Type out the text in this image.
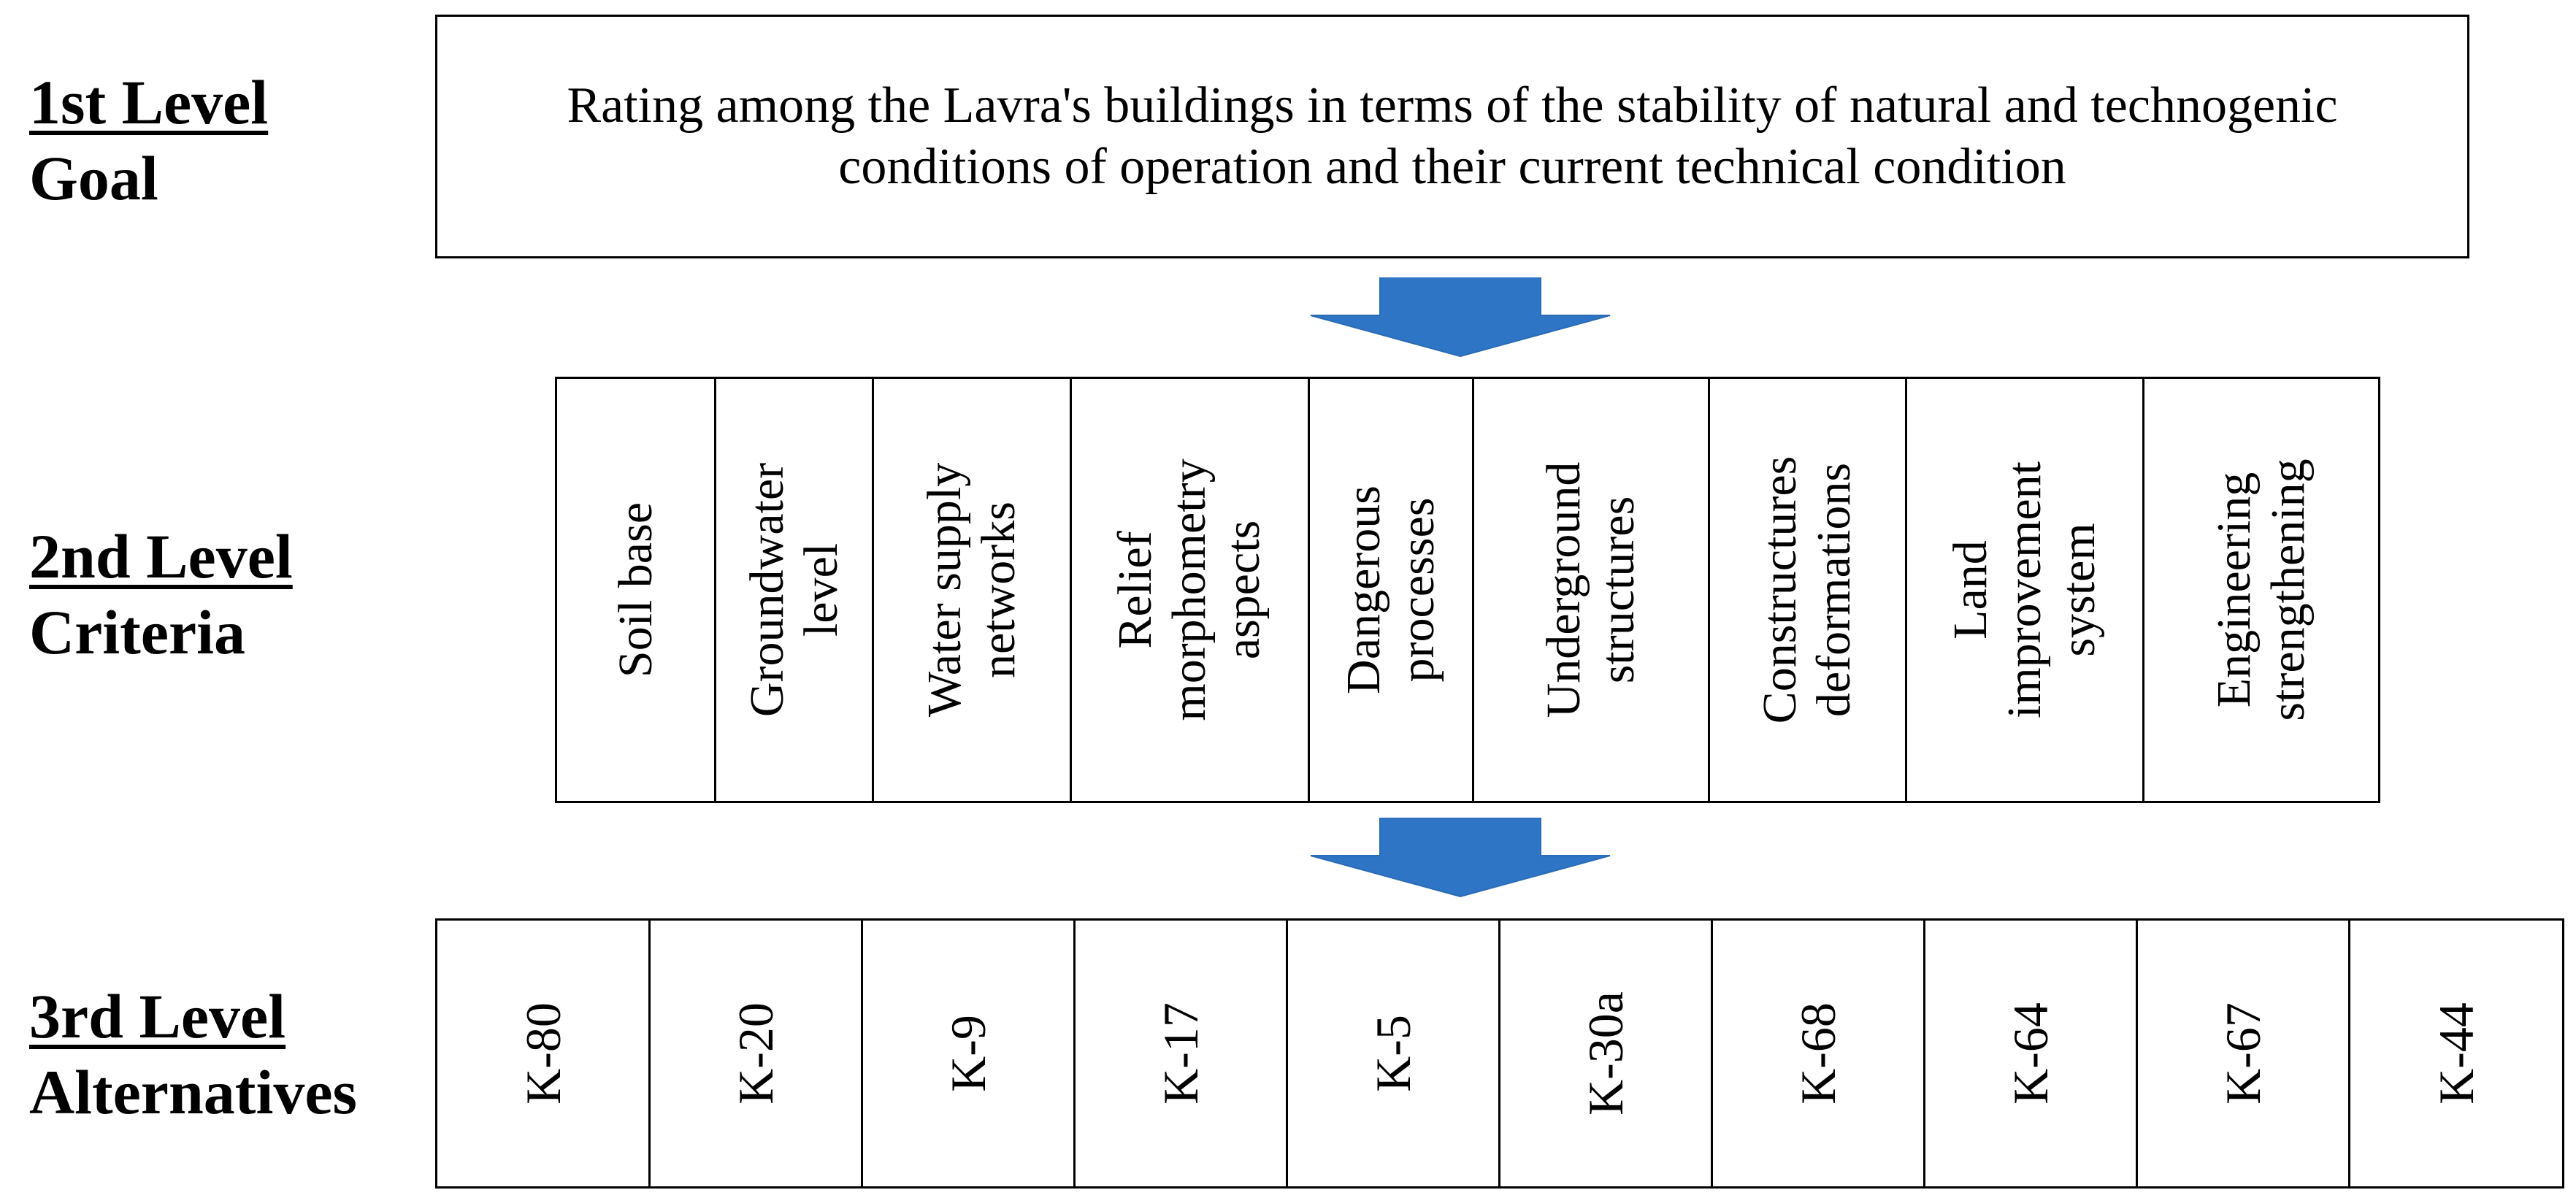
1st Level
Goal
2nd Level
Criteria
3rd Level
Alternatives
Rating among the Lavra's buildings in terms of the stability of natural and technogenic conditions of operation and their current technical condition
Soil base Groundwater
level
Water supply
networks Relief
morphometry
aspects Dangerous
processes Underground
structures Constructures
deformations Land
improvement
system Engineering
strengthening
K-80	K-20	K-9	K-17	K-5	K-30a	K-68	K-64	K-67	K-44
